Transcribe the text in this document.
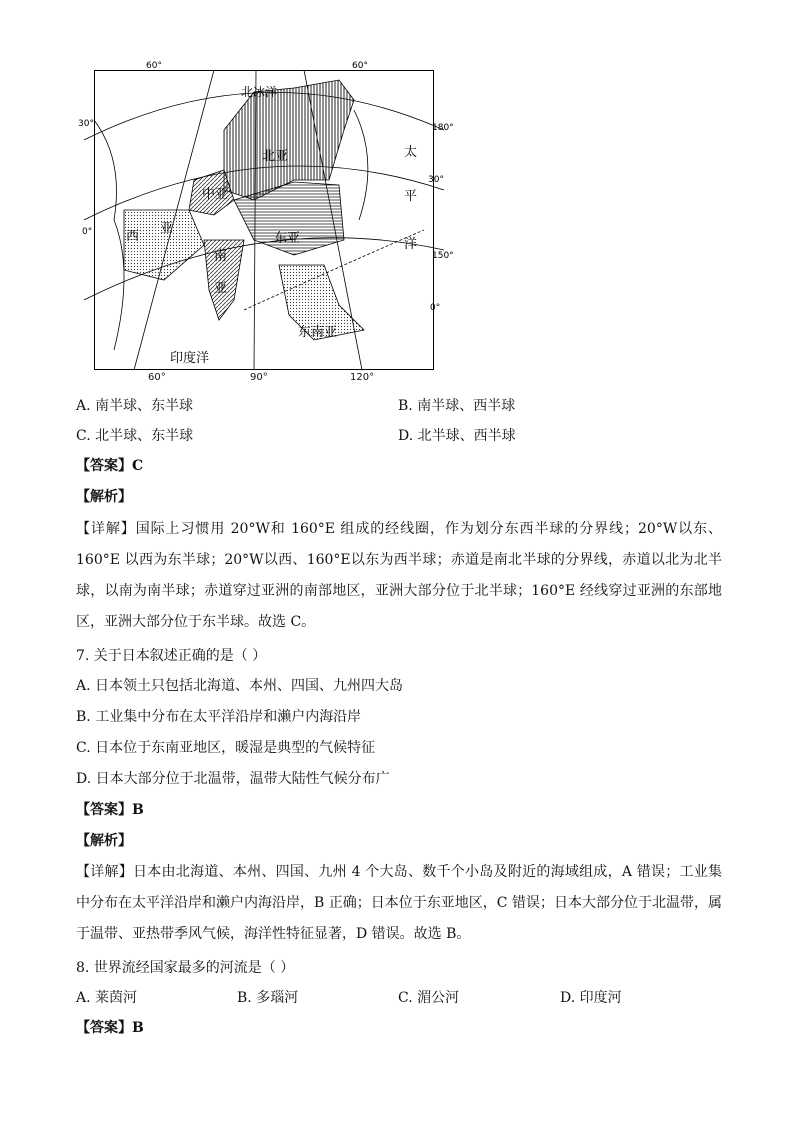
北冰洋
北亚
中亚
西
亚
东亚
南
亚
东南亚
印度洋
太
平
洋
60°	60°
30°
0°
180°
30°
150°
0°
60°	90°	120°
A. 南半球、东半球	B. 南半球、西半球
C. 北半球、东半球	D. 北半球、西半球
【答案】C
【解析】

【详解】国际上习惯用 20°W和 160°E 组成的经线圈，作为划分东西半球的分界线；20°W以东、160°E 以西为东半球；20°W以西、160°E以东为西半球；赤道是南北半球的分界线，赤道以北为北半球，以南为南半球；赤道穿过亚洲的南部地区，亚洲大部分位于北半球；160°E 经线穿过亚洲的东部地区，亚洲大部分位于东半球。故选 C。

7. 关于日本叙述正确的是（ ）
A. 日本领土只包括北海道、本州、四国、九州四大岛
B. 工业集中分布在太平洋沿岸和濑户内海沿岸
C. 日本位于东南亚地区，暖湿是典型的气候特征
D. 日本大部分位于北温带，温带大陆性气候分布广
【答案】B
【解析】

【详解】日本由北海道、本州、四国、九州 4 个大岛、数千个小岛及附近的海域组成，A 错误；工业集中分布在太平洋沿岸和濑户内海沿岸，B 正确；日本位于东亚地区，C 错误；日本大部分位于北温带，属于温带、亚热带季风气候，海洋性特征显著，D 错误。故选 B。

8. 世界流经国家最多的河流是（ ）
A. 莱茵河	B. 多瑙河	C. 湄公河	D. 印度河
【答案】B
